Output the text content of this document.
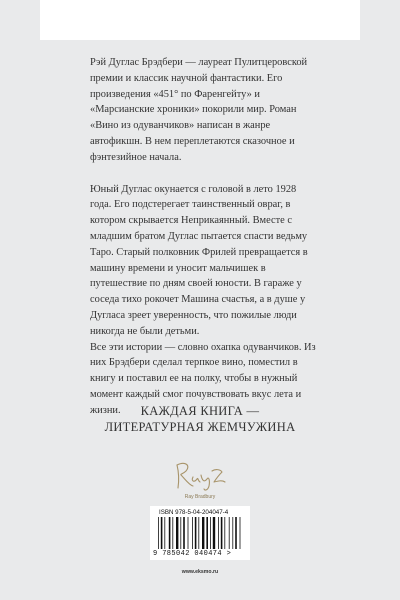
Рэй Дуглас Брэдбери — лауреат Пулитцеровской премии и классик научной фантастики. Его произведения «451° по Фаренгейту» и «Марсианские хроники» покорили мир. Роман «Вино из одуванчиков» написан в жанре автофикшн. В нем переплетаются сказочное и фэнтезийное начала.

Юный Дуглас окунается с головой в лето 1928 года. Его подстерегает таинственный овраг, в котором скрывается Неприкаянный. Вместе с младшим братом Дуглас пытается спасти ведьму Таро. Старый полковник Фрилей превращается в машину времени и уносит мальчишек в путешествие по дням своей юности. В гараже у соседа тихо рокочет Машина счастья, а в душе у Дугласа зреет уверенность, что пожилые люди никогда не были детьми.

Все эти истории — словно охапка одуванчиков. Из них Брэдбери сделал терпкое вино, поместил в книгу и поставил ее на полку, чтобы в нужный момент каждый смог почувствовать вкус лета и жизни.	КАЖДАЯ КНИГА —
ЛИТЕРАТУРНАЯ ЖЕМЧУЖИНА
Ray Bradbury
ISBN 978-5-04-204047-4
9 785042 040474 >
www.eksmo.ru
